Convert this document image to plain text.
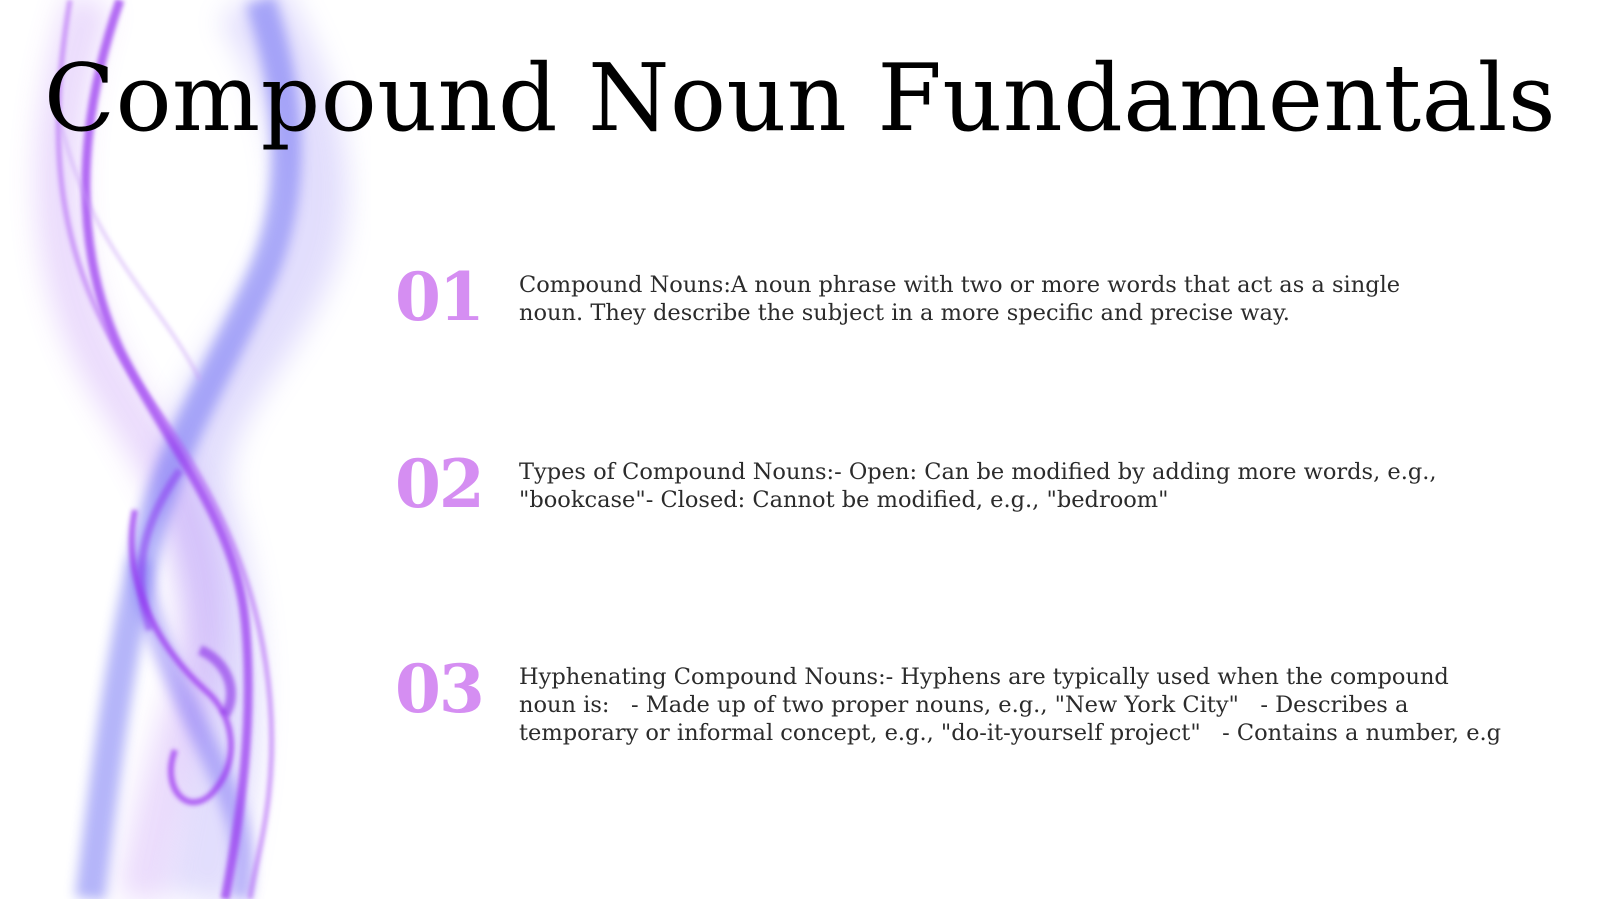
Compound Noun Fundamentals
01 Compound Nouns:A noun phrase with two or more words that act as a single
noun. They describe the subject in a more specific and precise way.
02 Types of Compound Nouns:- Open: Can be modified by adding more words, e.g.,
"bookcase"- Closed: Cannot be modified, e.g., "bedroom"
03 Hyphenating Compound Nouns:- Hyphens are typically used when the compound
noun is:   - Made up of two proper nouns, e.g., "New York City"   - Describes a
temporary or informal concept, e.g., "do-it-yourself project"   - Contains a number, e.g
